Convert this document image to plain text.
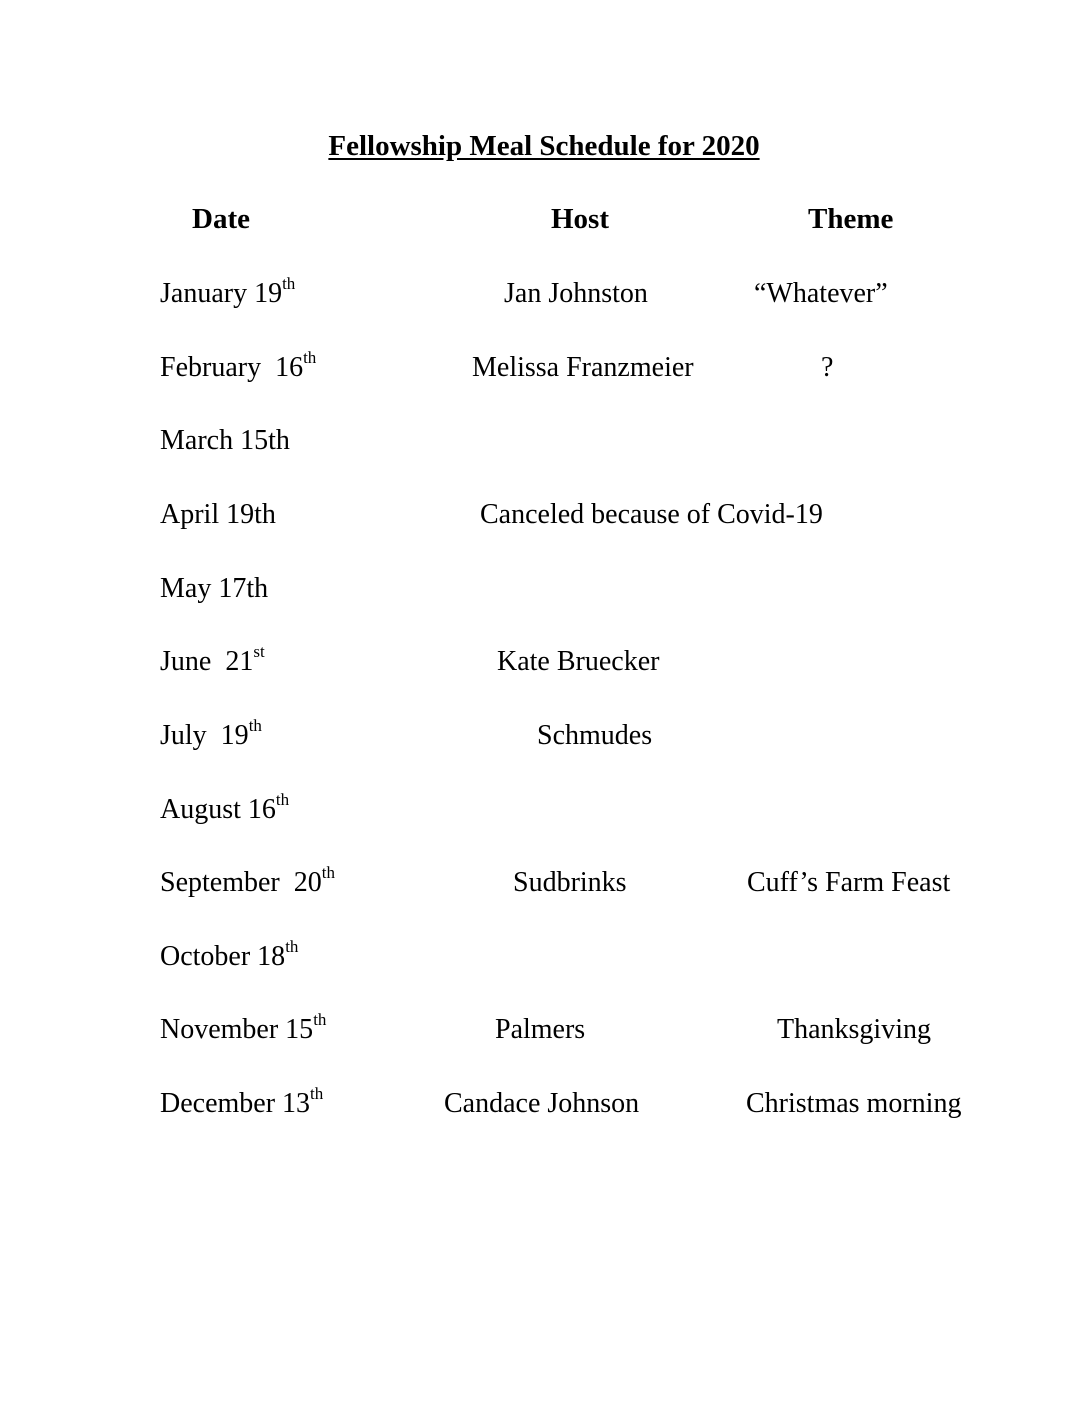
Fellowship Meal Schedule for 2020
Date	Host	Theme
January 19th	Jan Johnston	“Whatever”
February  16th	Melissa Franzmeier	?
March 15th
April 19th	Canceled because of Covid-19
May 17th
June  21st	Kate Bruecker
July  19th	Schmudes
August 16th
September  20th	Sudbrinks	Cuff’s Farm Feast
October 18th
November 15th	Palmers	Thanksgiving
December 13th	Candace Johnson	Christmas morning
